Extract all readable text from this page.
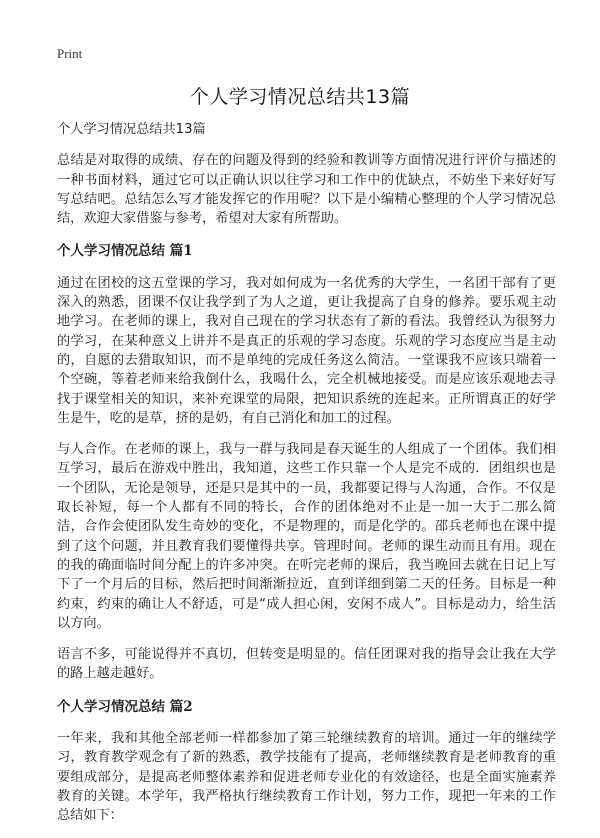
Print
个人学习情况总结共13篇
个人学习情况总结共13篇
总结是对取得的成绩、存在的问题及得到的经验和教训等方面情况进行评价与描述的一种书面材料，通过它可以正确认识以往学习和工作中的优缺点，不妨坐下来好好写写总结吧。总结怎么写才能发挥它的作用呢？以下是小编精心整理的个人学习情况总结，欢迎大家借鉴与参考，希望对大家有所帮助。
个人学习情况总结 篇1
通过在团校的这五堂课的学习，我对如何成为一名优秀的大学生，一名团干部有了更深入的熟悉，团课不仅让我学到了为人之道，更让我提高了自身的修养。要乐观主动地学习。在老师的课上，我对自己现在的学习状态有了新的看法。我曾经认为很努力的学习，在某种意义上讲并不是真正的乐观的学习态度。乐观的学习态度应当是主动的，自愿的去猎取知识，而不是单纯的完成任务这么简洁。一堂课我不应该只端着一个空碗，等着老师来给我倒什么，我喝什么，完全机械地接受。而是应该乐观地去寻找于课堂相关的知识，来补充课堂的局限，把知识系统的连起来。正所谓真正的好学生是牛，吃的是草，挤的是奶，有自己消化和加工的过程。
与人合作。在老师的课上，我与一群与我同是春天诞生的人组成了一个团体。我们相互学习，最后在游戏中胜出，我知道，这些工作只靠一个人是完不成的．团组织也是一个团队，无论是领导，还是只是其中的一员，我都要记得与人沟通，合作。不仅是取长补短，每一个人都有不同的特长，合作的团体绝对不止是一加一大于二那么简洁，合作会使团队发生奇妙的变化，不是物理的，而是化学的。邵兵老师也在课中提到了这个问题，并且教育我们要懂得共享。管理时间。老师的课生动而且有用。现在的我的确面临时间分配上的许多冲突。在听完老师的课后，我当晚回去就在日记上写下了一个月后的目标，然后把时间渐渐拉近，直到详细到第二天的任务。目标是一种约束，约束的确让人不舒适，可是“成人担心闲，安闲不成人”。目标是动力，给生活以方向。
语言不多，可能说得并不真切，但转变是明显的。信任团课对我的指导会让我在大学的路上越走越好。
个人学习情况总结 篇2
一年来，我和其他全部老师一样都参加了第三轮继续教育的培训。通过一年的继续学习，教育教学观念有了新的熟悉，教学技能有了提高，老师继续教育是老师教育的重要组成部分，是提高老师整体素养和促进老师专业化的有效途径，也是全面实施素养教育的关键。本学年，我严格执行继续教育工作计划，努力工作，现把一年来的工作总结如下：
